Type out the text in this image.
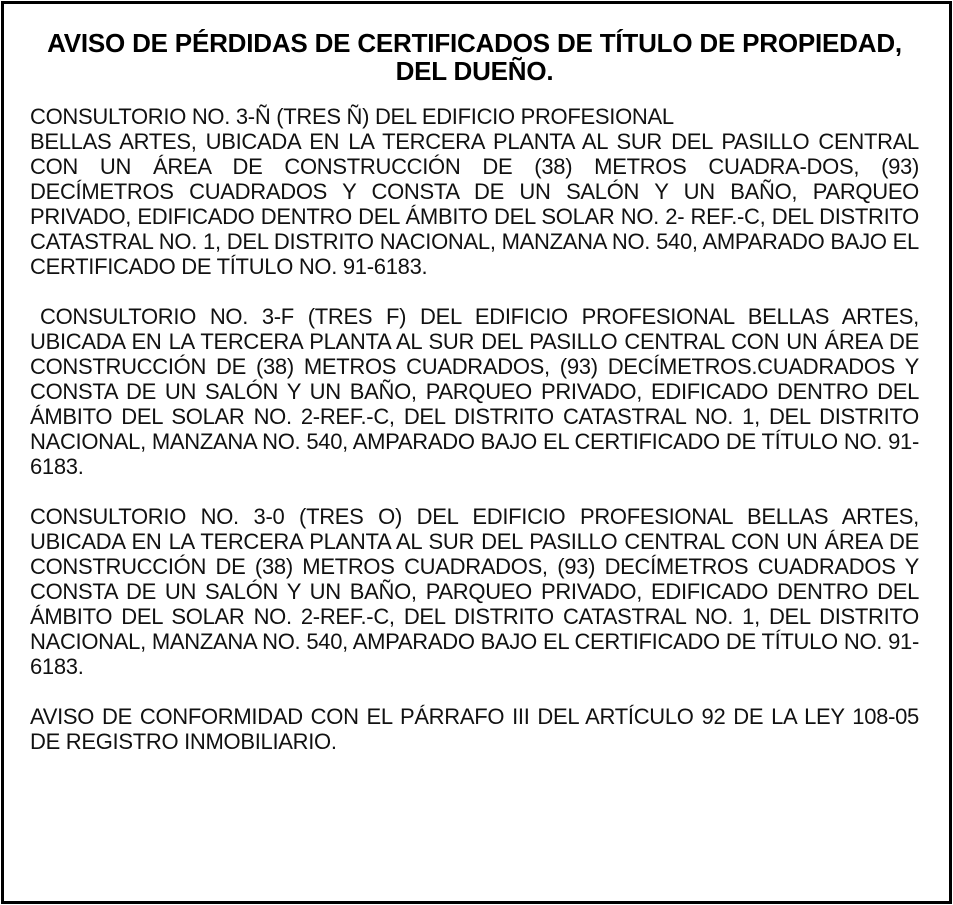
AVISO DE PÉRDIDAS DE CERTIFICADOS DE TÍTULO DE PROPIEDAD, DEL DUEÑO.

CONSULTORIO NO. 3-Ñ (TRES Ñ) DEL EDIFICIO PROFESIONAL
BELLAS ARTES, UBICADA EN LA TERCERA PLANTA AL SUR DEL PASILLO CENTRAL CON UN ÁREA DE CONSTRUCCIÓN DE (38) METROS CUADRA-DOS, (93) DECÍMETROS CUADRADOS Y CONSTA DE UN SALÓN Y UN BAÑO, PARQUEO PRIVADO, EDIFICADO DENTRO DEL ÁMBITO DEL SOLAR NO. 2- REF.-C, DEL DISTRITO CATASTRAL NO. 1, DEL DISTRITO NACIONAL, MANZANA NO. 540, AMPARADO BAJO EL CERTIFICADO DE TÍTULO NO. 91-6183.

CONSULTORIO NO. 3-F (TRES F) DEL EDIFICIO PROFESIONAL BELLAS ARTES, UBICADA EN LA TERCERA PLANTA AL SUR DEL PASILLO CENTRAL CON UN ÁREA DE CONSTRUCCIÓN DE (38) METROS CUADRADOS, (93) DECÍMETROS.CUADRADOS Y CONSTA DE UN SALÓN Y UN BAÑO, PARQUEO PRIVADO, EDIFICADO DENTRO DEL ÁMBITO DEL SOLAR NO. 2-REF.-C, DEL DISTRITO CATASTRAL NO. 1, DEL DISTRITO NACIONAL, MANZANA NO. 540, AMPARADO BAJO EL CERTIFICADO DE TÍTULO NO. 91-6183.

CONSULTORIO NO. 3-0 (TRES O) DEL EDIFICIO PROFESIONAL BELLAS ARTES, UBICADA EN LA TERCERA PLANTA AL SUR DEL PASILLO CENTRAL CON UN ÁREA DE CONSTRUCCIÓN DE (38) METROS CUADRADOS, (93) DECÍMETROS CUADRADOS Y CONSTA DE UN SALÓN Y UN BAÑO, PARQUEO PRIVADO, EDIFICADO DENTRO DEL ÁMBITO DEL SOLAR NO. 2-REF.-C, DEL DISTRITO CATASTRAL NO. 1, DEL DISTRITO NACIONAL, MANZANA NO. 540, AMPARADO BAJO EL CERTIFICADO DE TÍTULO NO. 91-6183.

AVISO DE CONFORMIDAD CON EL PÁRRAFO III DEL ARTÍCULO 92 DE LA LEY 108-05 DE REGISTRO INMOBILIARIO.
